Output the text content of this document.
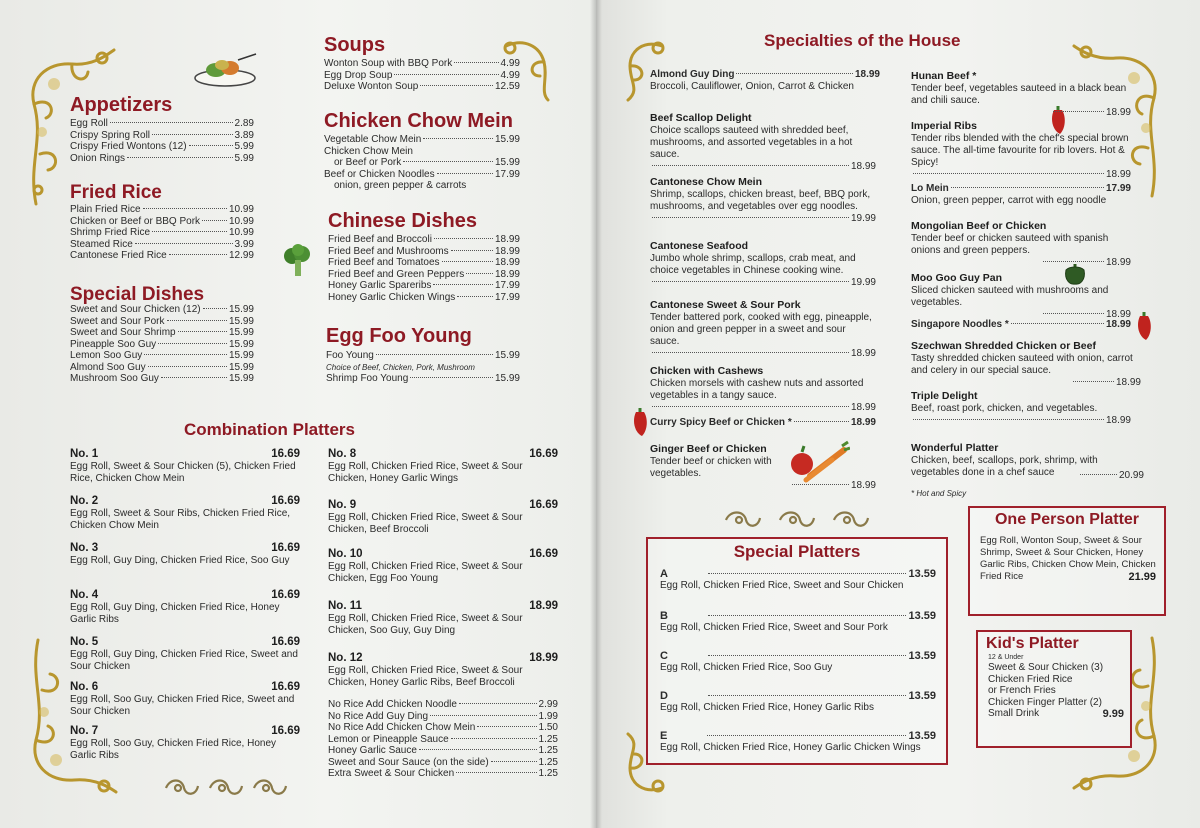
Appetizers
Egg Roll	2.89
Crispy Spring Roll	3.89
Crispy Fried Wontons (12)	5.99
Onion Rings	5.99
Fried Rice
Plain Fried Rice	10.99
Chicken or Beef or BBQ Pork	10.99
Shrimp Fried Rice	10.99
Steamed Rice	3.99
Cantonese Fried Rice	12.99
Special Dishes
Sweet and Sour Chicken (12)	15.99
Sweet and Sour Pork	15.99
Sweet and Sour Shrimp	15.99
Pineapple Soo Guy	15.99
Lemon Soo Guy	15.99
Almond Soo Guy	15.99
Mushroom Soo Guy	15.99
Soups
Wonton Soup with BBQ Pork	4.99
Egg Drop Soup	4.99
Deluxe Wonton Soup	12.59
Chicken Chow Mein
Vegetable Chow Mein	15.99
Chicken Chow Mein
or Beef or Pork	15.99
Beef or Chicken Noodles	17.99
onion, green pepper & carrots
Chinese Dishes
Fried Beef and Broccoli	18.99
Fried Beef and Mushrooms	18.99
Fried Beef and Tomatoes	18.99
Fried Beef and Green Peppers	18.99
Honey Garlic Spareribs	17.99
Honey Garlic Chicken Wings	17.99
Egg Foo Young
Foo Young	15.99
Choice of Beef, Chicken, Pork, Mushroom
Shrimp Foo Young	15.99
Combination Platters
No. 1	16.69
Egg Roll, Sweet & Sour Chicken (5), Chicken Fried Rice, Chicken Chow Mein
No. 2	16.69
Egg Roll, Sweet & Sour Ribs, Chicken Fried Rice, Chicken Chow Mein
No. 3	16.69
Egg Roll, Guy Ding, Chicken Fried Rice, Soo Guy
No. 4	16.69
Egg Roll, Guy Ding, Chicken Fried Rice, Honey Garlic Ribs
No. 5	16.69
Egg Roll, Guy Ding, Chicken Fried Rice, Sweet and Sour Chicken
No. 6	16.69
Egg Roll, Soo Guy, Chicken Fried Rice, Sweet and Sour Chicken
No. 7	16.69
Egg Roll, Soo Guy, Chicken Fried Rice, Honey Garlic Ribs
No. 8	16.69
Egg Roll, Chicken Fried Rice, Sweet & Sour Chicken, Honey Garlic Wings
No. 9	16.69
Egg Roll, Chicken Fried Rice, Sweet & Sour Chicken, Beef Broccoli
No. 10	16.69
Egg Roll, Chicken Fried Rice, Sweet & Sour Chicken, Egg Foo Young
No. 11	18.99
Egg Roll, Chicken Fried Rice, Sweet & Sour Chicken, Soo Guy, Guy Ding
No. 12	18.99
Egg Roll, Chicken Fried Rice, Sweet & Sour Chicken, Honey Garlic Ribs, Beef Broccoli
No Rice Add Chicken Noodle	2.99
No Rice Add Guy Ding	1.99
No Rice Add Chicken Chow Mein	1.50
Lemon or Pineapple Sauce	1.25
Honey Garlic Sauce	1.25
Sweet and Sour Sauce (on the side)	1.25
Extra Sweet & Sour Chicken	1.25
Specialties of the House
Almond Guy Ding	18.99
Broccoli, Cauliflower, Onion, Carrot & Chicken
Beef Scallop Delight
Choice scallops sauteed with shredded beef, mushrooms, and assorted vegetables in a hot sauce.
18.99
Cantonese Chow Mein
Shrimp, scallops, chicken breast, beef, BBQ pork, mushrooms, and vegetables over egg noodles.
19.99
Cantonese Seafood
Jumbo whole shrimp, scallops, crab meat, and choice vegetables in Chinese cooking wine.
19.99
Cantonese Sweet & Sour Pork
Tender battered pork, cooked with egg, pineapple, onion and green pepper in a sweet and sour sauce.
18.99
Chicken with Cashews
Chicken morsels with cashew nuts and assorted vegetables in a tangy sauce.
18.99
Curry Spicy Beef or Chicken *	18.99
Ginger Beef or Chicken
Tender beef or chicken with vegetables.
18.99
Hunan Beef *
Tender beef, vegetables sauteed in a black bean and chili sauce.
18.99
Imperial Ribs
Tender ribs blended with the chef's special brown sauce. The all-time favourite for rib lovers. Hot & Spicy!
18.99
Lo Mein	17.99
Onion, green pepper, carrot with egg noodle
Mongolian Beef or Chicken
Tender beef or chicken sauteed with spanish onions and green peppers.
18.99
Moo Goo Guy Pan
Sliced chicken sauteed with mushrooms and vegetables.
18.99
Singapore Noodles *	18.99
Szechwan Shredded Chicken or Beef
Tasty shredded chicken sauteed with onion, carrot and celery in our special sauce.
18.99
Triple Delight
Beef, roast pork, chicken, and vegetables.
18.99
Wonderful Platter
Chicken, beef, scallops, pork, shrimp, with vegetables done in a chef sauce	20.99
* Hot and Spicy
Special Platters
A	13.59
Egg Roll, Chicken Fried Rice, Sweet and Sour Chicken
B	13.59
Egg Roll, Chicken Fried Rice, Sweet and Sour Pork
C	13.59
Egg Roll, Chicken Fried Rice, Soo Guy
D	13.59
Egg Roll, Chicken Fried Rice, Honey Garlic Ribs
E	13.59
Egg Roll, Chicken Fried Rice, Honey Garlic Chicken Wings
One Person Platter
Egg Roll, Wonton Soup, Sweet & Sour Shrimp, Sweet & Sour Chicken, Honey Garlic Ribs, Chicken Chow Mein, Chicken Fried Rice	21.99
Kid's Platter
12 & Under
Sweet & Sour Chicken (3)
Chicken Fried Rice
or French Fries
Chicken Finger Platter (2)
Small Drink	9.99
